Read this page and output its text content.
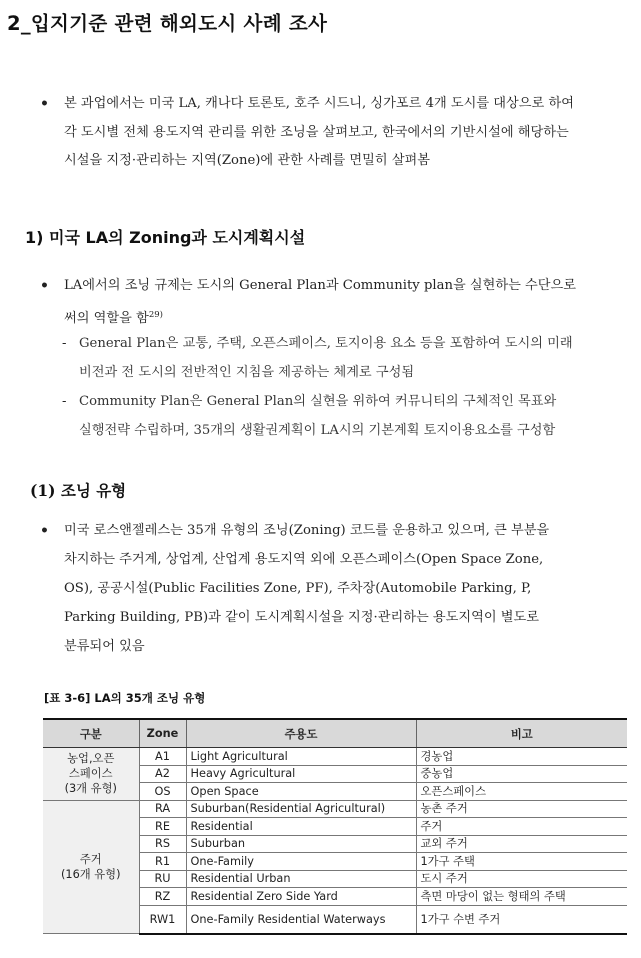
2_입지기준 관련 해외도시 사례 조사
• 본 과업에서는 미국 LA, 캐나다 토론토, 호주 시드니, 싱가포르 4개 도시를 대상으로 하여

각 도시별 전체 용도지역 관리를 위한 조닝을 살펴보고, 한국에서의 기반시설에 해당하는

시설을 지정·관리하는 지역(Zone)에 관한 사례를 면밀히 살펴봄

1) 미국 LA의 Zoning과 도시계획시설
• LA에서의 조닝 규제는 도시의 General Plan과 Community plan을 실현하는 수단으로

써의 역할을 함$^{29)}$

- General Plan은 교통, 주택, 오픈스페이스, 토지이용 요소 등을 포함하여 도시의 미래

비전과 전 도시의 전반적인 지침을 제공하는 체계로 구성됨

- Community Plan은 General Plan의 실현을 위하여 커뮤니티의 구체적인 목표와

실행전략 수립하며, 35개의 생활권계획이 LA시의 기본계획 토지이용요소를 구성함

(1) 조닝 유형
• 미국 로스앤젤레스는 35개 유형의 조닝(Zoning) 코드를 운용하고 있으며, 큰 부분을

차지하는 주거계, 상업계, 산업계 용도지역 외에 오픈스페이스(Open Space Zone,

OS), 공공시설(Public Facilities Zone, PF), 주차장(Automobile Parking, P,

Parking Building, PB)과 같이 도시계획시설을 지정·관리하는 용도지역이 별도로

분류되어 있음

[표 3-6] LA의 35개 조닝 유형
구분	Zone	주용도	비고

농업,오픈
스페이스
(3개 유형)	A1	Light Agricultural	경농업
	A2	Heavy Agricultural	중농업
	OS	Open Space	오픈스페이스

주거
(16개 유형)	RA	Suburban(Residential Agricultural)	농촌 주거
	RE	Residential	주거
	RS	Suburban	교외 주거
	R1	One-Family	1가구 주택
	RU	Residential Urban	도시 주거
	RZ	Residential Zero Side Yard	측면 마당이 없는 형태의 주택
	RW1	One-Family Residential Waterways	1가구 수변 주거
